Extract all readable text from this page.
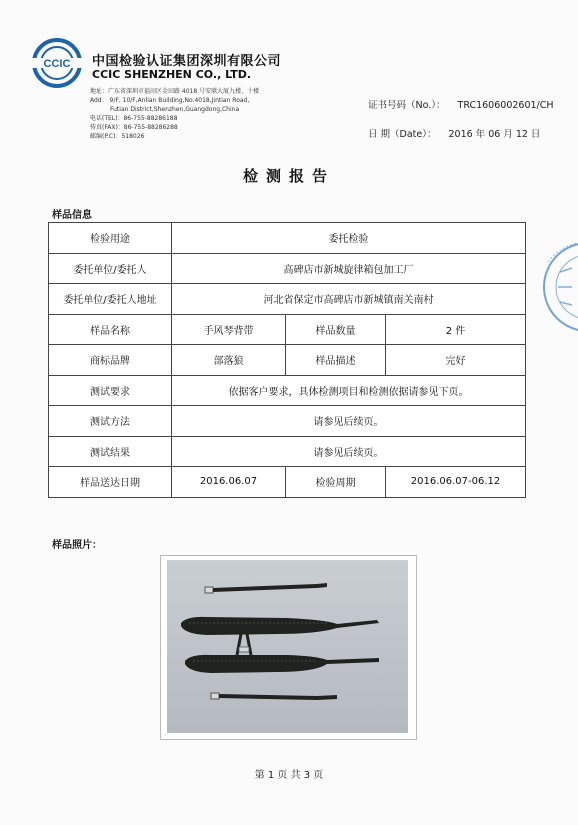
CCIC 中国检验认证集团深圳有限公司
CCIC SHENZHEN CO., LTD.
地址：广东省深圳市福田区金田路 4018 号安联大厦九楼、十楼
Add： 9/F, 10/F,Anlian Building,No.4018,Jintian Road,
Futian District,Shenzhen,Guangdong,China
电话(TEL)：86-755-88286188
传真(FAX)：86-755-88286288
邮编(P.C)：518026
证书号码（No.）： TRC1606002601/CH
日 期（Date）： 2016 年 06 月 12 日
检测报告
样品信息
检验用途	委托检验		
委托单位/委托人	高碑店市新城旋律箱包加工厂		
委托单位/委托人地址	河北省保定市高碑店市新城镇南关南村		
样品名称	手风琴背带	样品数量	2 件
商标品牌	部落狼	样品描述	完好
测试要求	依据客户要求，具体检测项目和检测依据请参见下页。		
测试方法	请参见后续页。		
测试结果	请参见后续页。		
样品送达日期	2016.06.07	检验周期	2016.06.07-06.12
样品照片：
第 1 页 共 3 页
